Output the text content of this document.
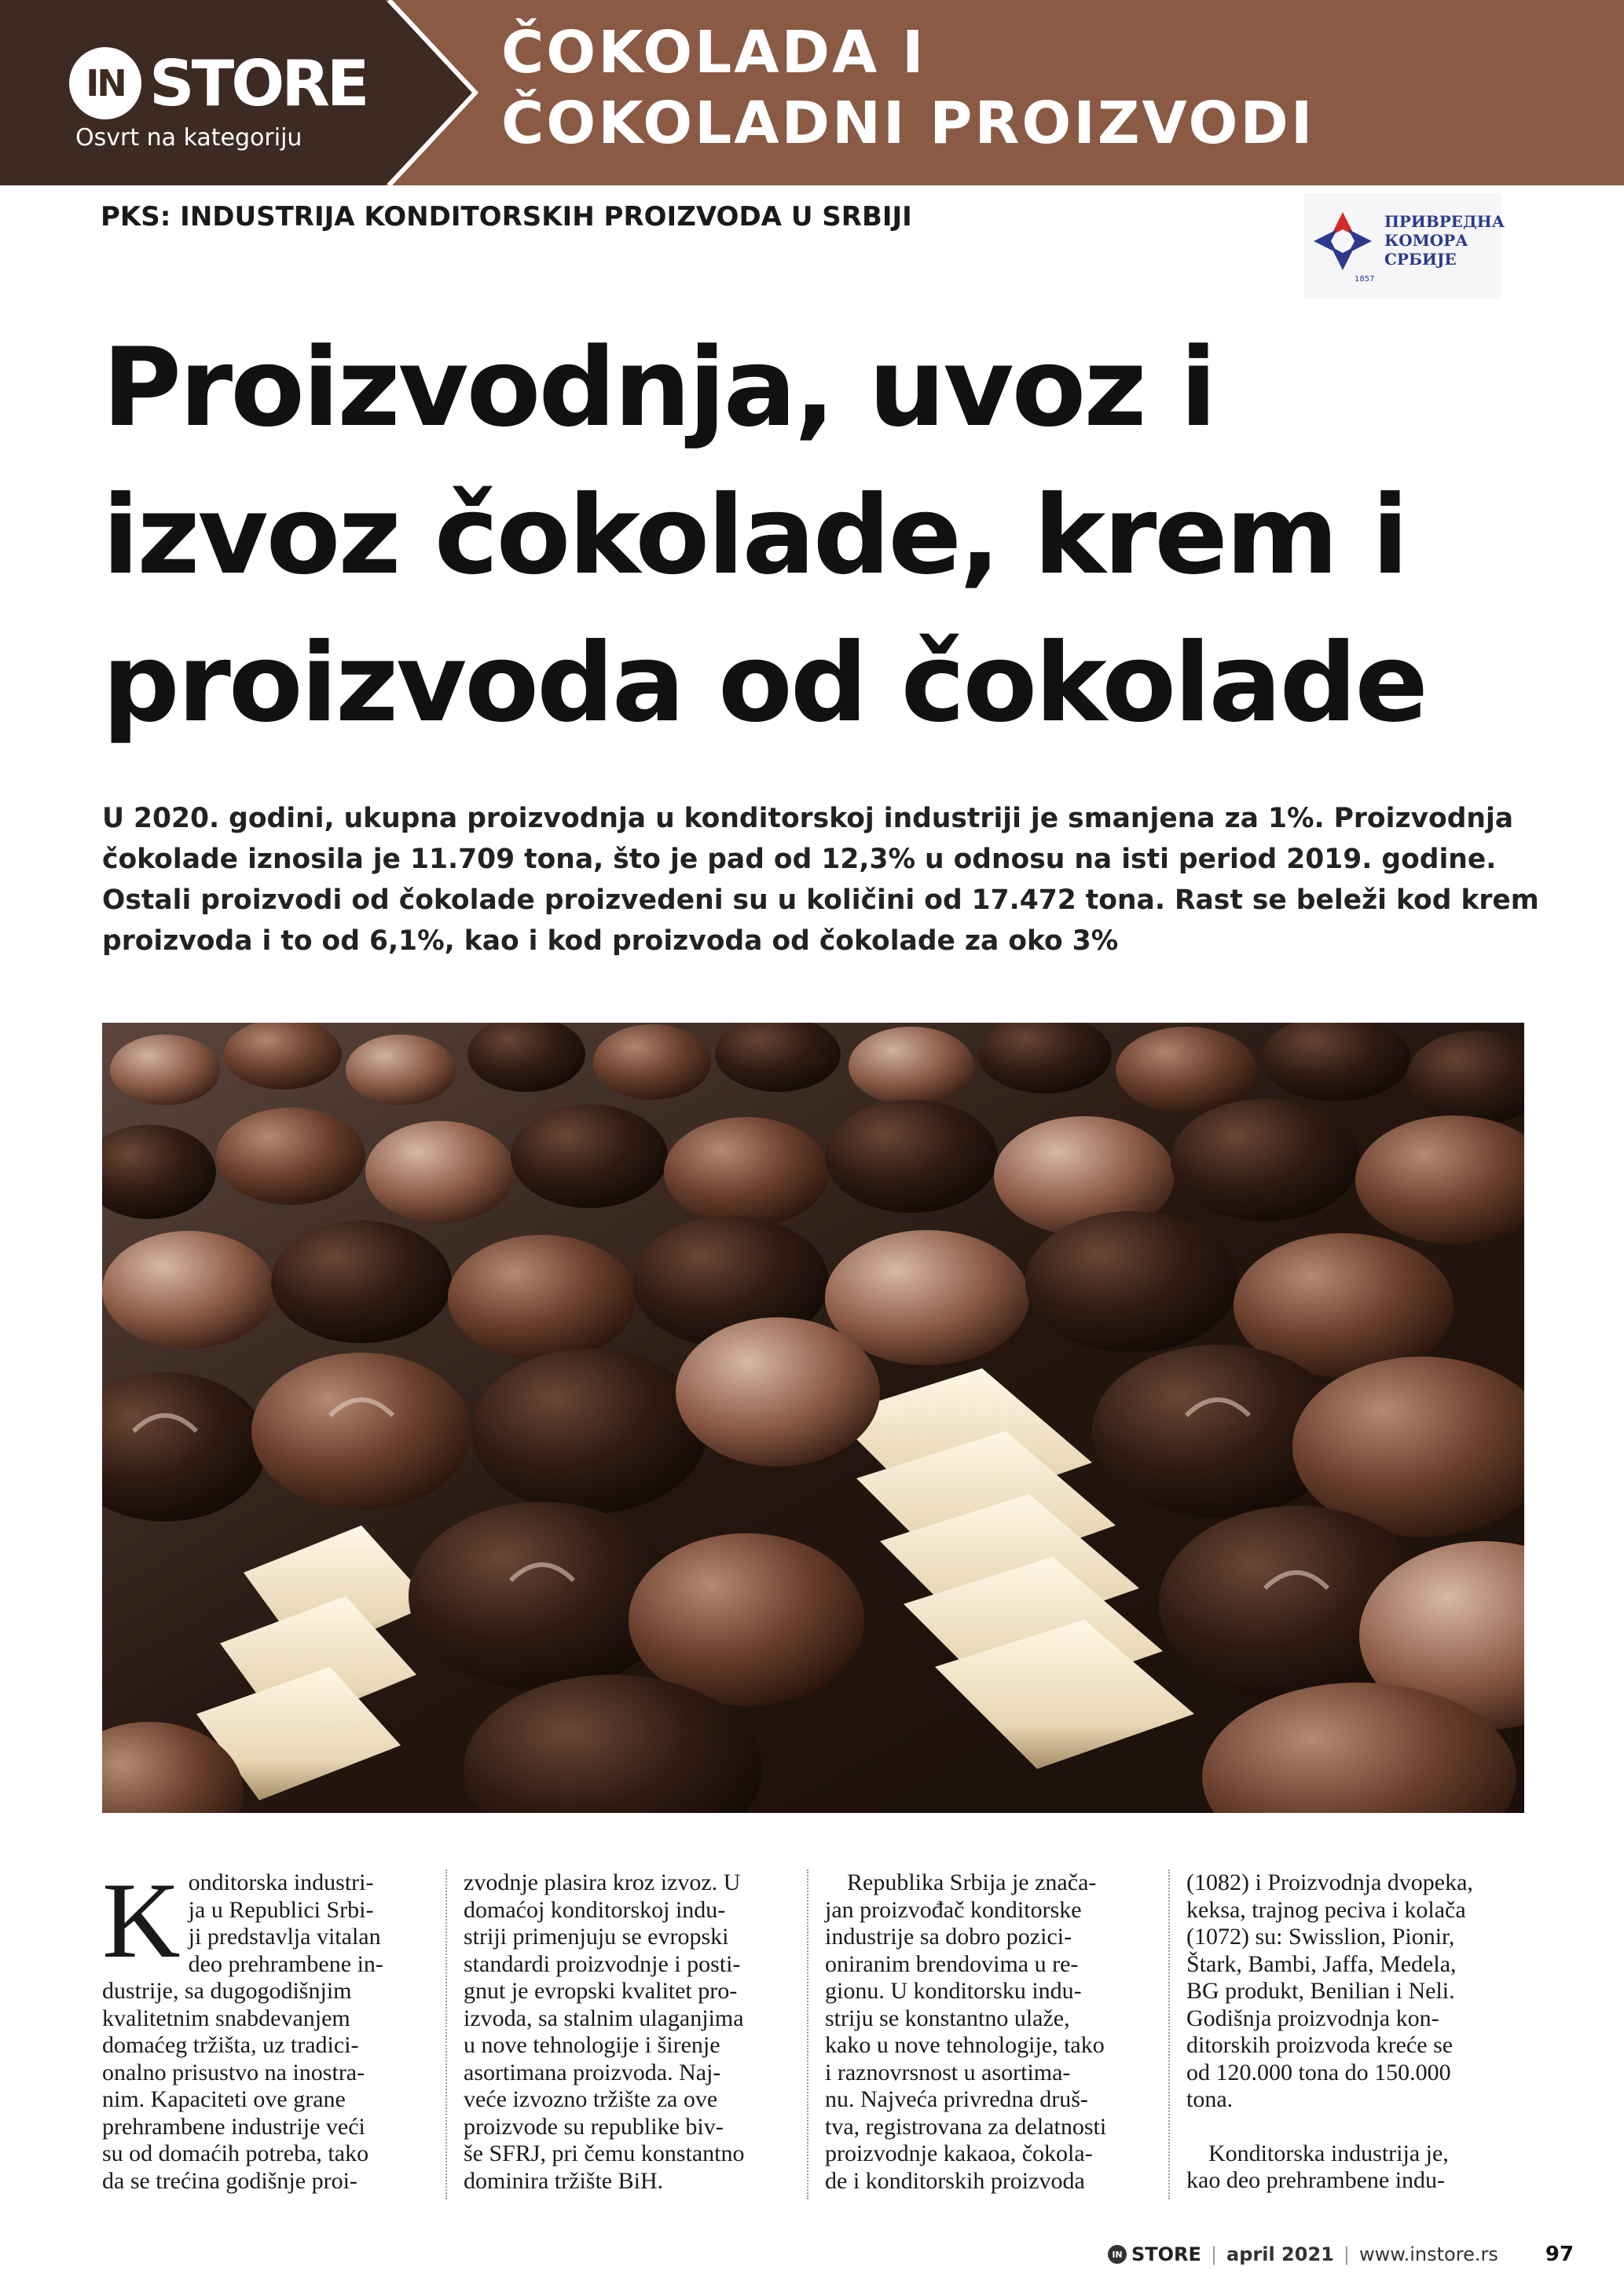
IN STORE
Osvrt na kategoriju
ČOKOLADA I
ČOKOLADNI PROIZVODI
PKS: INDUSTRIJA KONDITORSKIH PROIZVODA U SRBIJI
1857
ПРИВРЕДНА
КОМОРА
СРБИЈЕ
Proizvodnja, uvoz i
izvoz čokolade, krem i
proizvoda od čokolade
U 2020. godini, ukupna proizvodnja u konditorskoj industriji je smanjena za 1%. Proizvodnja
čokolade iznosila je 11.709 tona, što je pad od 12,3% u odnosu na isti period 2019. godine.
Ostali proizvodi od čokolade proizvedeni su u količini od 17.472 tona. Rast se beleži kod krem
proizvoda i to od 6,1%, kao i kod proizvoda od čokolade za oko 3%
K onditorska industri-
ja u Republici Srbi-
ji predstavlja vitalan
deo prehrambene in-
dustrije, sa dugogodišnjim
kvalitetnim snabdevanjem
domaćeg tržišta, uz tradici-
onalno prisustvo na inostra-
nim. Kapaciteti ove grane
prehrambene industrije veći
su od domaćih potreba, tako
da se trećina godišnje proi-
zvodnje plasira kroz izvoz. U
domaćoj konditorskoj indu-
striji primenjuju se evropski
standardi proizvodnje i posti-
gnut je evropski kvalitet pro-
izvoda, sa stalnim ulaganjima
u nove tehnologije i širenje
asortimana proizvoda. Naj-
veće izvozno tržište za ove
proizvode su republike biv-
še SFRJ, pri čemu konstantno
dominira tržište BiH.
Republika Srbija je znača-
jan proizvođač konditorske
industrije sa dobro pozici-
oniranim brendovima u re-
gionu. U konditorsku indu-
striju se konstantno ulaže,
kako u nove tehnologije, tako
i raznovrsnost u asortima-
nu. Najveća privredna druš-
tva, registrovana za delatnosti
proizvodnje kakaoa, čokola-
de i konditorskih proizvoda
(1082) i Proizvodnja dvopeka,
keksa, trajnog peciva i kolača
(1072) su: Swisslion, Pionir,
Štark, Bambi, Jaffa, Medela,
BG produkt, Benilian i Neli.
Godišnja proizvodnja kon-
ditorskih proizvoda kreće se
od 120.000 tona do 150.000
tona.
Konditorska industrija je,
kao deo prehrambene indu-
IN STORE | april 2021 | www.instore.rs 97
